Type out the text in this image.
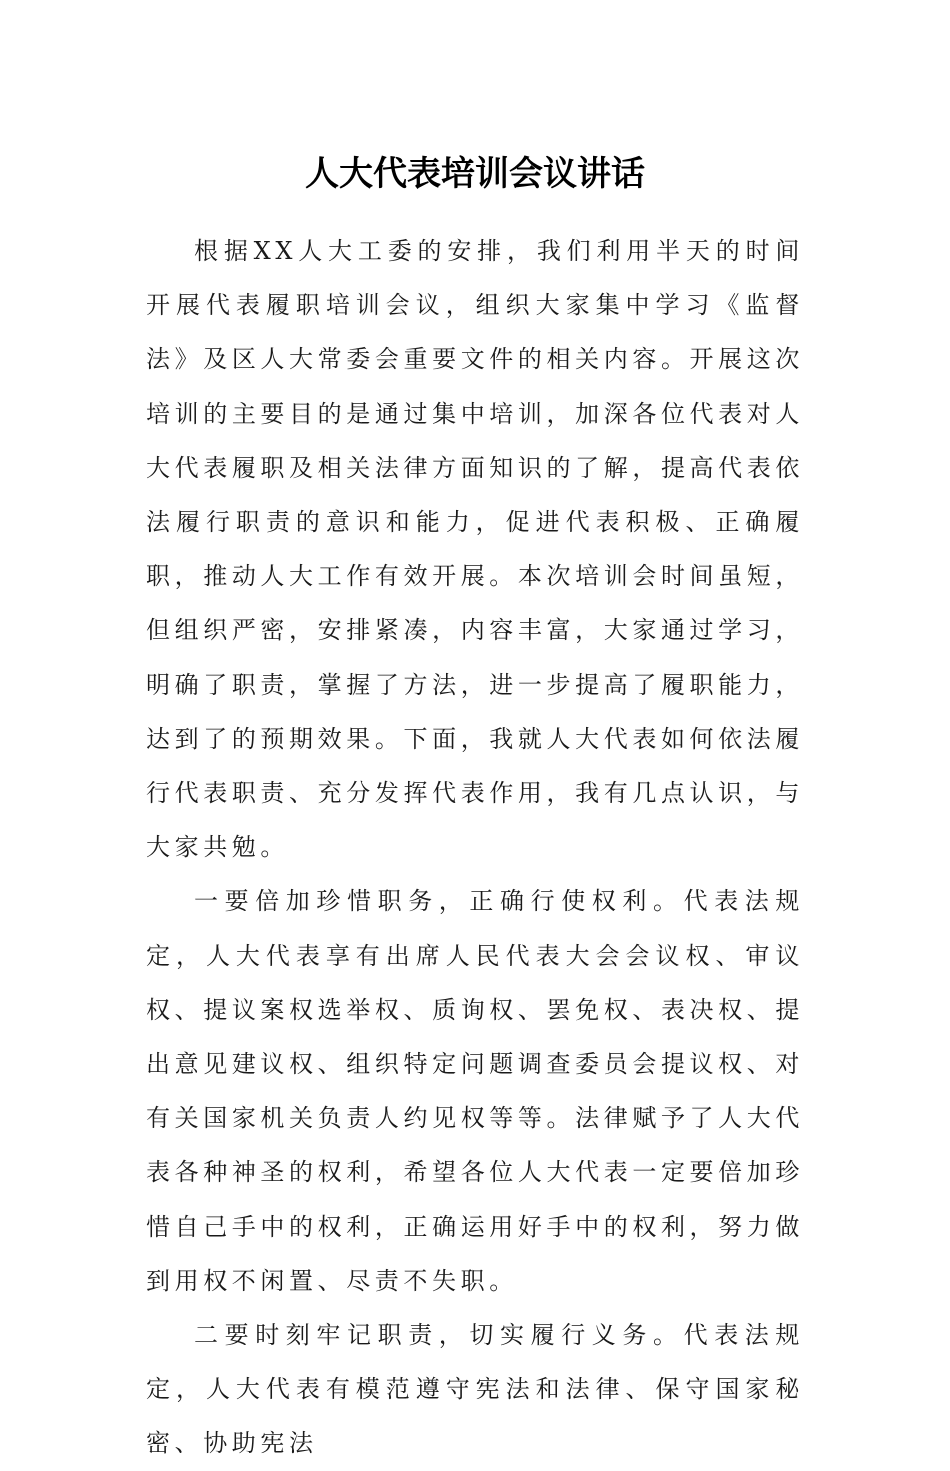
人大代表培训会议讲话

根据XX人大工委的安排，我们利用半天的时间开展代表履职培训会议，组织大家集中学习《监督法》及区人大常委会重要文件的相关内容。开展这次培训的主要目的是通过集中培训，加深各位代表对人大代表履职及相关法律方面知识的了解，提高代表依法履行职责的意识和能力，促进代表积极、正确履职，推动人大工作有效开展。本次培训会时间虽短，但组织严密，安排紧凑，内容丰富，大家通过学习，明确了职责，掌握了方法，进一步提高了履职能力，达到了的预期效果。下面，我就人大代表如何依法履行代表职责、充分发挥代表作用，我有几点认识，与大家共勉。

一要倍加珍惜职务，正确行使权利。代表法规定，人大代表享有出席人民代表大会会议权、审议权、提议案权选举权、质询权、罢免权、表决权、提出意见建议权、组织特定问题调查委员会提议权、对有关国家机关负责人约见权等等。法律赋予了人大代表各种神圣的权利，希望各位人大代表一定要倍加珍惜自己手中的权利，正确运用好手中的权利，努力做到用权不闲置、尽责不失职。

二要时刻牢记职责，切实履行义务。代表法规定，人大代表有模范遵守宪法和法律、保守国家秘密、协助宪法
